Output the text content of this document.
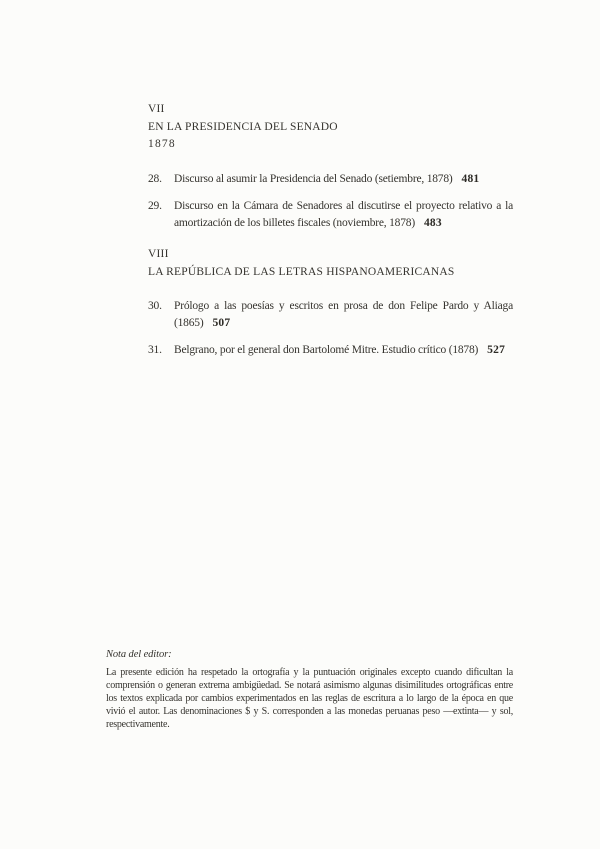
VII
EN LA PRESIDENCIA DEL SENADO
1878
28.	Discurso al asumir la Presidencia del Senado (setiembre, 1878) 481
29.	Discurso en la Cámara de Senadores al discutirse el proyecto relativo a la amortización de los billetes fiscales (noviembre, 1878) 483
VIII
LA REPÚBLICA DE LAS LETRAS HISPANOAMERICANAS
30.	Prólogo a las poesías y escritos en prosa de don Felipe Pardo y Aliaga (1865) 507
31.	Belgrano, por el general don Bartolomé Mitre. Estudio crítico (1878) 527
Nota del editor:

La presente edición ha respetado la ortografía y la puntuación originales excepto cuando dificultan la comprensión o generan extrema ambigüedad. Se notará asimismo algunas disimilitudes ortográficas entre los textos explicada por cambios experimentados en las reglas de escritura a lo largo de la época en que vivió el autor. Las denominaciones $ y S. corresponden a las monedas peruanas peso —extinta— y sol, respectivamente.
